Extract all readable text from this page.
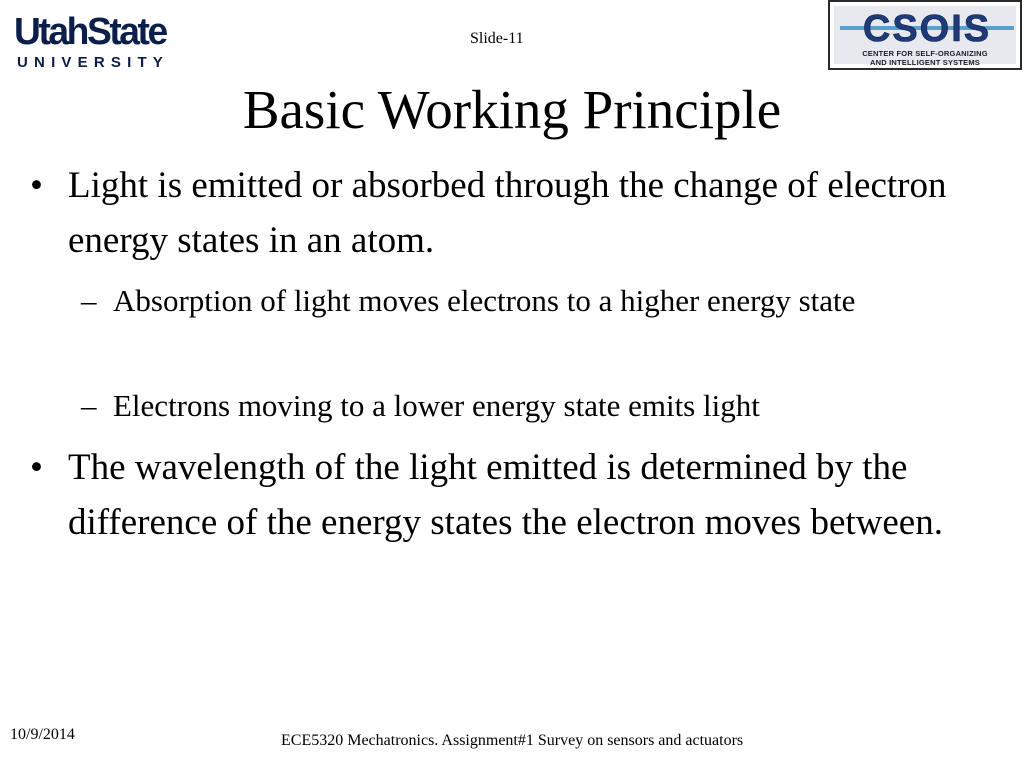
UtahState
UNIVERSITY
Slide-11	CSOIS
CENTER FOR SELF-ORGANIZING
AND INTELLIGENT SYSTEMS
Basic Working Principle
• Light is emitted or absorbed through the change of electron energy states in an atom.
– Absorption of light moves electrons to a higher energy state
– Electrons moving to a lower energy state emits light
• The wavelength of the light emitted is determined by the difference of the energy states the electron moves between.
10/9/2014	ECE5320 Mechatronics. Assignment#1 Survey on sensors and actuators
